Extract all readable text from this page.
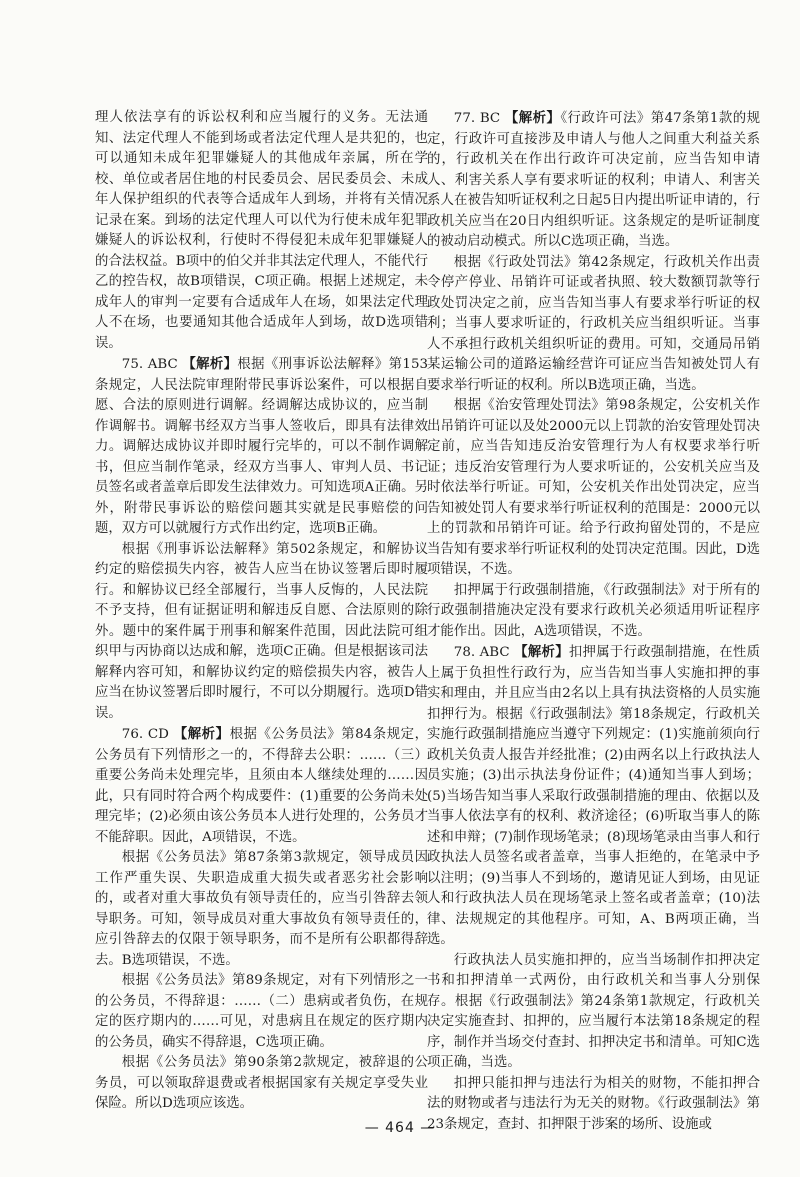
理人依法享有的诉讼权利和应当履行的义务。无法通知、法定代理人不能到场或者法定代理人是共犯的，也可以通知未成年犯罪嫌疑人的其他成年亲属，所在学校、单位或者居住地的村民委员会、居民委员会、未成年人保护组织的代表等合适成年人到场，并将有关情况记录在案。到场的法定代理人可以代为行使未成年犯罪嫌疑人的诉讼权利，行使时不得侵犯未成年犯罪嫌疑人的合法权益。B项中的伯父并非其法定代理人，不能代行乙的控告权，故B项错误，C项正确。根据上述规定，未成年人的审判一定要有合适成年人在场，如果法定代理人不在场，也要通知其他合适成年人到场，故D选项错误。

75. ABC 【解析】根据《刑事诉讼法解释》第153条规定，人民法院审理附带民事诉讼案件，可以根据自愿、合法的原则进行调解。经调解达成协议的，应当制作调解书。调解书经双方当事人签收后，即具有法律效力。调解达成协议并即时履行完毕的，可以不制作调解书，但应当制作笔录，经双方当事人、审判人员、书记员签名或者盖章后即发生法律效力。可知选项A正确。另外，附带民事诉讼的赔偿问题其实就是民事赔偿的问题，双方可以就履行方式作出约定，选项B正确。

根据《刑事诉讼法解释》第502条规定，和解协议约定的赔偿损失内容，被告人应当在协议签署后即时履行。和解协议已经全部履行，当事人反悔的，人民法院不予支持，但有证据证明和解违反自愿、合法原则的除外。题中的案件属于刑事和解案件范围，因此法院可组织甲与丙协商以达成和解，选项C正确。但是根据该司法解释内容可知，和解协议约定的赔偿损失内容，被告人应当在协议签署后即时履行，不可以分期履行。选项D错误。

76. CD 【解析】根据《公务员法》第84条规定，公务员有下列情形之一的，不得辞去公职：……（三）重要公务尚未处理完毕，且须由本人继续处理的……因此，只有同时符合两个构成要件：(1)重要的公务尚未处理完毕；(2)必须由该公务员本人进行处理的，公务员才不能辞职。因此，A项错误，不选。

根据《公务员法》第87条第3款规定，领导成员因工作严重失误、失职造成重大损失或者恶劣社会影响的，或者对重大事故负有领导责任的，应当引咎辞去领导职务。可知，领导成员对重大事故负有领导责任的，应引咎辞去的仅限于领导职务，而不是所有公职都得辞去。B选项错误，不选。

根据《公务员法》第89条规定，对有下列情形之一的公务员，不得辞退：……（二）患病或者负伤，在规定的医疗期内的……可见，对患病且在规定的医疗期内的公务员，确实不得辞退，C选项正确。

根据《公务员法》第90条第2款规定，被辞退的公务员，可以领取辞退费或者根据国家有关规定享受失业保险。所以D选项应该选。

77. BC 【解析】《行政许可法》第47条第1款的规定，行政许可直接涉及申请人与他人之间重大利益关系的，行政机关在作出行政许可决定前，应当告知申请人、利害关系人享有要求听证的权利；申请人、利害关系人在被告知听证权利之日起5日内提出听证申请的，行政机关应当在20日内组织听证。这条规定的是听证制度的被动启动模式。所以C选项正确，当选。

根据《行政处罚法》第42条规定，行政机关作出责令停产停业、吊销许可证或者执照、较大数额罚款等行政处罚决定之前，应当告知当事人有要求举行听证的权利；当事人要求听证的，行政机关应当组织听证。当事人不承担行政机关组织听证的费用。可知，交通局吊销某运输公司的道路运输经营许可证应当告知被处罚人有要求举行听证的权利。所以B选项正确，当选。

根据《治安管理处罚法》第98条规定，公安机关作出吊销许可证以及处2000元以上罚款的治安管理处罚决定前，应当告知违反治安管理行为人有权要求举行听证；违反治安管理行为人要求听证的，公安机关应当及时依法举行听证。可知，公安机关作出处罚决定，应当告知被处罚人有要求举行听证权利的范围是：2000元以上的罚款和吊销许可证。给予行政拘留处罚的，不是应当告知有要求举行听证权利的处罚决定范围。因此，D选项错误，不选。

扣押属于行政强制措施，《行政强制法》对于所有的行政强制措施决定没有要求行政机关必须适用听证程序才能作出。因此，A选项错误，不选。

78. ABC 【解析】扣押属于行政强制措施，在性质上属于负担性行政行为，应当告知当事人实施扣押的事实和理由，并且应当由2名以上具有执法资格的人员实施扣押行为。根据《行政强制法》第18条规定，行政机关实施行政强制措施应当遵守下列规定：(1)实施前须向行政机关负责人报告并经批准；(2)由两名以上行政执法人员实施；(3)出示执法身份证件；(4)通知当事人到场；(5)当场告知当事人采取行政强制措施的理由、依据以及当事人依法享有的权利、救济途径；(6)听取当事人的陈述和申辩；(7)制作现场笔录；(8)现场笔录由当事人和行政执法人员签名或者盖章，当事人拒绝的，在笔录中予以注明；(9)当事人不到场的，邀请见证人到场，由见证人和行政执法人员在现场笔录上签名或者盖章；(10)法律、法规规定的其他程序。可知，A、B两项正确，当选。

行政执法人员实施扣押的，应当当场制作扣押决定书和扣押清单一式两份，由行政机关和当事人分别保存。根据《行政强制法》第24条第1款规定，行政机关决定实施查封、扣押的，应当履行本法第18条规定的程序，制作并当场交付查封、扣押决定书和清单。可知C选项正确，当选。

扣押只能扣押与违法行为相关的财物，不能扣押合法的财物或者与违法行为无关的财物。《行政强制法》第23条规定，查封、扣押限于涉案的场所、设施或

— 464 —
